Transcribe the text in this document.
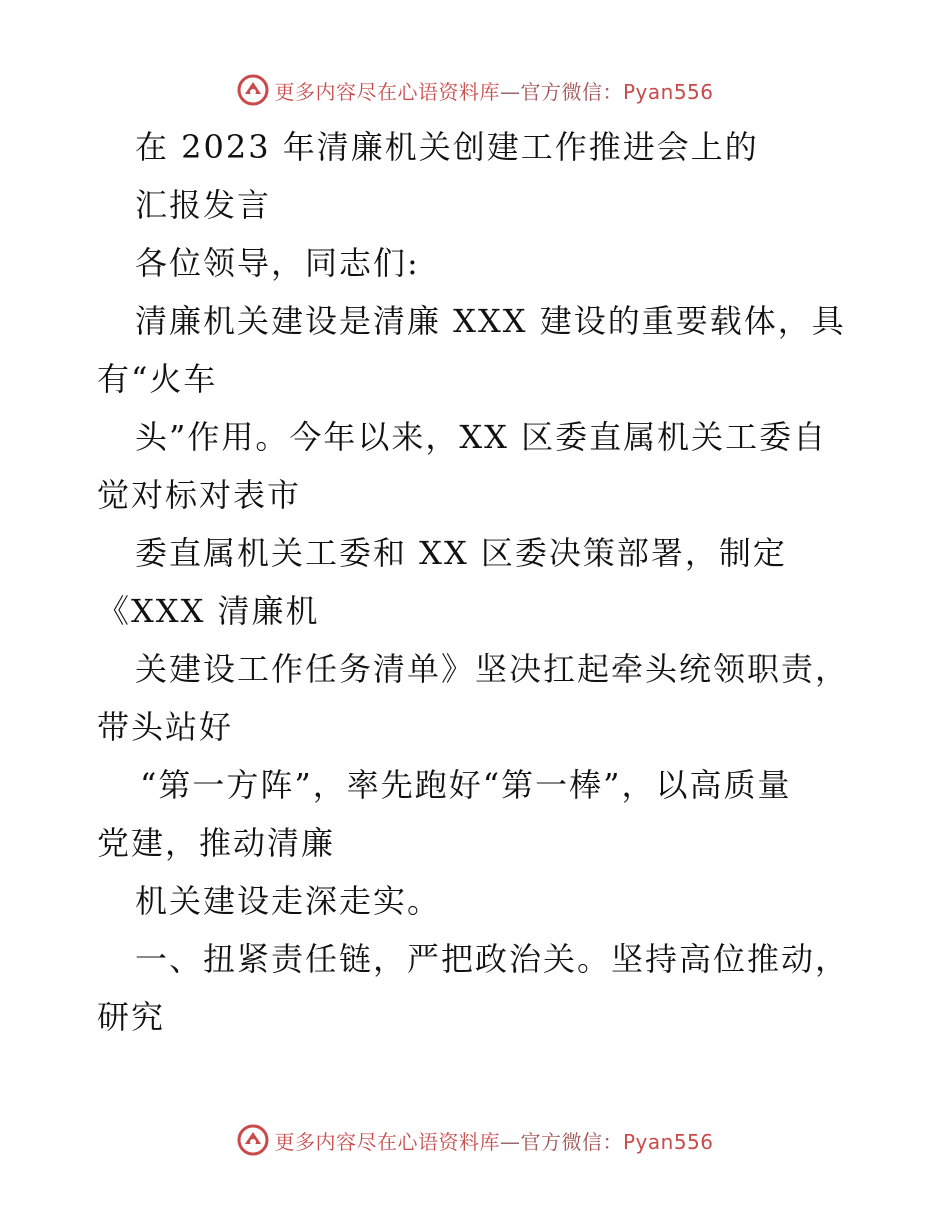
更多内容尽在心语资料库—官方微信：Pyan556
在 2023 年清廉机关创建工作推进会上的
汇报发言
各位领导，同志们:
清廉机关建设是清廉 XXX 建设的重要载体，具
有“火车
头”作用。今年以来，XX 区委直属机关工委自
觉对标对表市
委直属机关工委和 XX 区委决策部署，制定
《XXX 清廉机
关建设工作任务清单》坚决扛起牵头统领职责，
带头站好
“第一方阵”，率先跑好“第一棒”，以高质量
党建，推动清廉
机关建设走深走实。
一、扭紧责任链，严把政治关。坚持高位推动，
研究
更多内容尽在心语资料库—官方微信：Pyan556
